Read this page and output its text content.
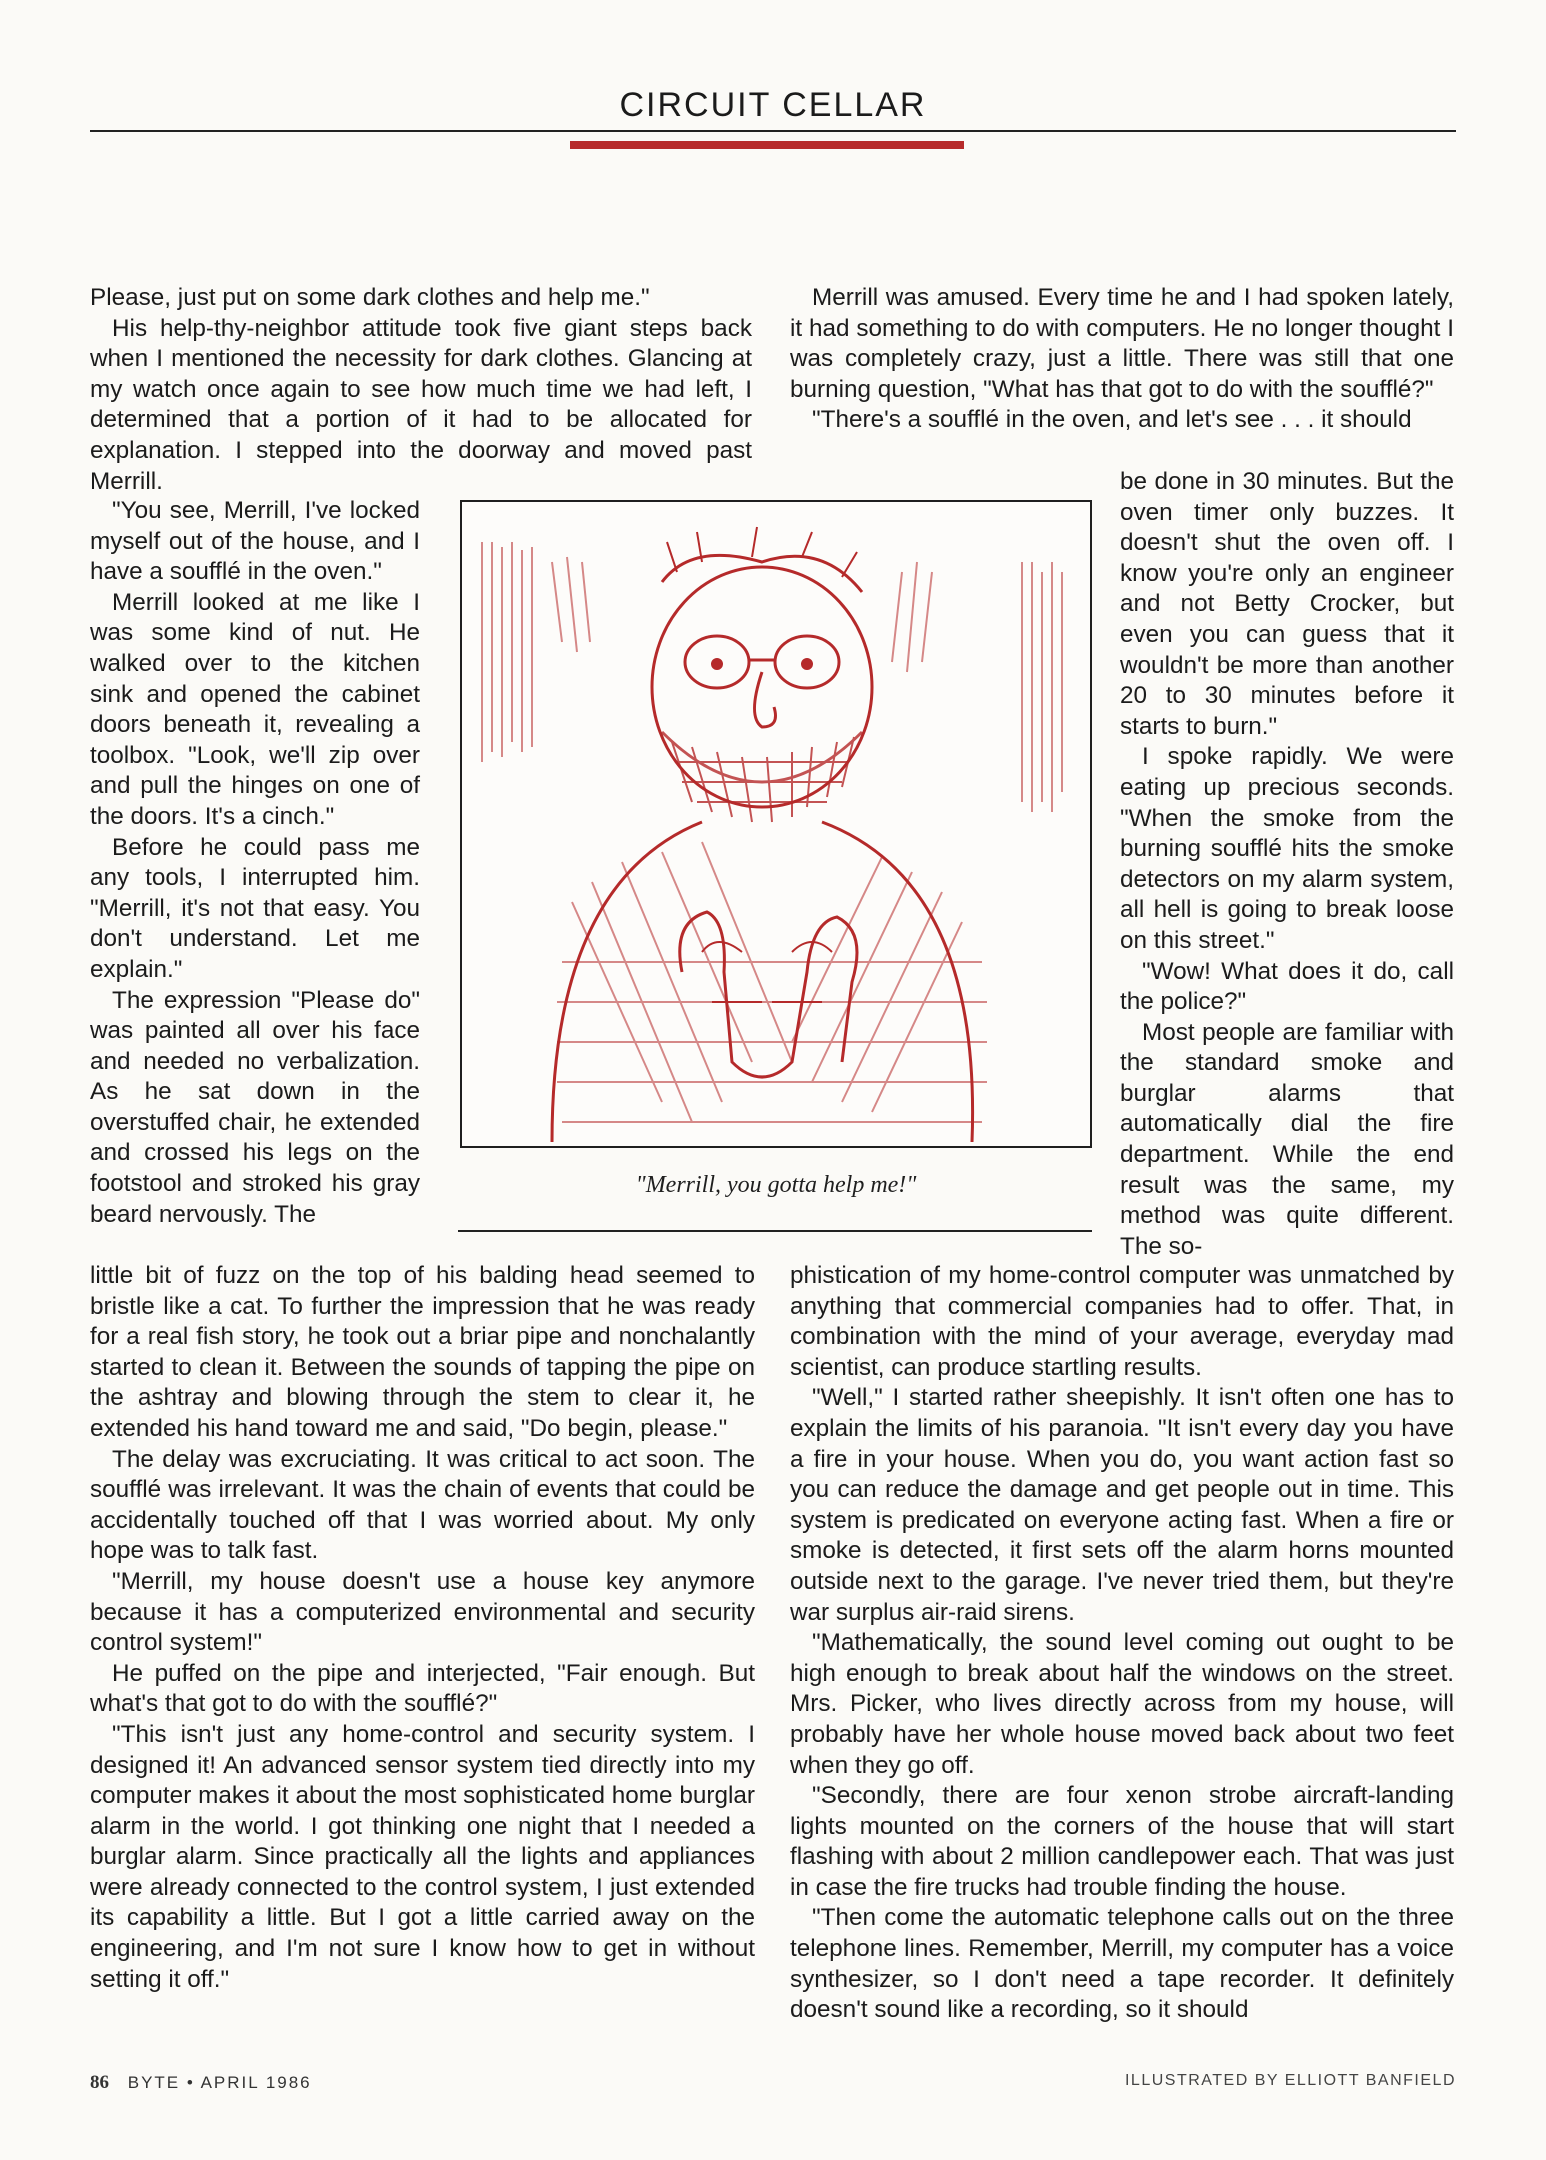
CIRCUIT CELLAR
"Merrill, you gotta help me!"
86 BYTE • APRIL 1986	ILLUSTRATED BY ELLIOTT BANFIELD

Please, just put on some dark clothes and help me."

His help-thy-neighbor attitude took five giant steps back when I mentioned the necessity for dark clothes. Glancing at my watch once again to see how much time we had left, I determined that a portion of it had to be allocated for explanation. I stepped into the doorway and moved past Merrill.

"You see, Merrill, I've locked myself out of the house, and I have a soufflé in the oven."

Merrill looked at me like I was some kind of nut. He walked over to the kitchen sink and opened the cabinet doors beneath it, revealing a toolbox. "Look, we'll zip over and pull the hinges on one of the doors. It's a cinch."

Before he could pass me any tools, I interrupted him. "Merrill, it's not that easy. You don't understand. Let me explain."

The expression "Please do" was painted all over his face and needed no verbalization. As he sat down in the overstuffed chair, he extended and crossed his legs on the footstool and stroked his gray beard nervously. The

little bit of fuzz on the top of his balding head seemed to bristle like a cat. To further the impression that he was ready for a real fish story, he took out a briar pipe and nonchalantly started to clean it. Between the sounds of tapping the pipe on the ashtray and blowing through the stem to clear it, he extended his hand toward me and said, "Do begin, please."

The delay was excruciating. It was critical to act soon. The soufflé was irrelevant. It was the chain of events that could be accidentally touched off that I was worried about. My only hope was to talk fast.

"Merrill, my house doesn't use a house key anymore because it has a computerized environmental and security control system!"

He puffed on the pipe and interjected, "Fair enough. But what's that got to do with the soufflé?"

"This isn't just any home-control and security system. I designed it! An advanced sensor system tied directly into my computer makes it about the most sophisticated home burglar alarm in the world. I got thinking one night that I needed a burglar alarm. Since practically all the lights and appliances were already connected to the control system, I just extended its capability a little. But I got a little carried away on the engineering, and I'm not sure I know how to get in without setting it off."

Merrill was amused. Every time he and I had spoken lately, it had something to do with computers. He no longer thought I was completely crazy, just a little. There was still that one burning question, "What has that got to do with the soufflé?"

"There's a soufflé in the oven, and let's see . . . it should

be done in 30 minutes. But the oven timer only buzzes. It doesn't shut the oven off. I know you're only an engineer and not Betty Crocker, but even you can guess that it wouldn't be more than another 20 to 30 minutes before it starts to burn."

I spoke rapidly. We were eating up precious seconds. "When the smoke from the burning soufflé hits the smoke detectors on my alarm system, all hell is going to break loose on this street."

"Wow! What does it do, call the police?"

Most people are familiar with the standard smoke and burglar alarms that automatically dial the fire department. While the end result was the same, my method was quite different. The so-

phistication of my home-control computer was unmatched by anything that commercial companies had to offer. That, in combination with the mind of your average, everyday mad scientist, can produce startling results.

"Well," I started rather sheepishly. It isn't often one has to explain the limits of his paranoia. "It isn't every day you have a fire in your house. When you do, you want action fast so you can reduce the damage and get people out in time. This system is predicated on everyone acting fast. When a fire or smoke is detected, it first sets off the alarm horns mounted outside next to the garage. I've never tried them, but they're war surplus air-raid sirens.

"Mathematically, the sound level coming out ought to be high enough to break about half the windows on the street. Mrs. Picker, who lives directly across from my house, will probably have her whole house moved back about two feet when they go off.

"Secondly, there are four xenon strobe aircraft-landing lights mounted on the corners of the house that will start flashing with about 2 million candlepower each. That was just in case the fire trucks had trouble finding the house.

"Then come the automatic telephone calls out on the three telephone lines. Remember, Merrill, my computer has a voice synthesizer, so I don't need a tape recorder. It definitely doesn't sound like a recording, so it should
